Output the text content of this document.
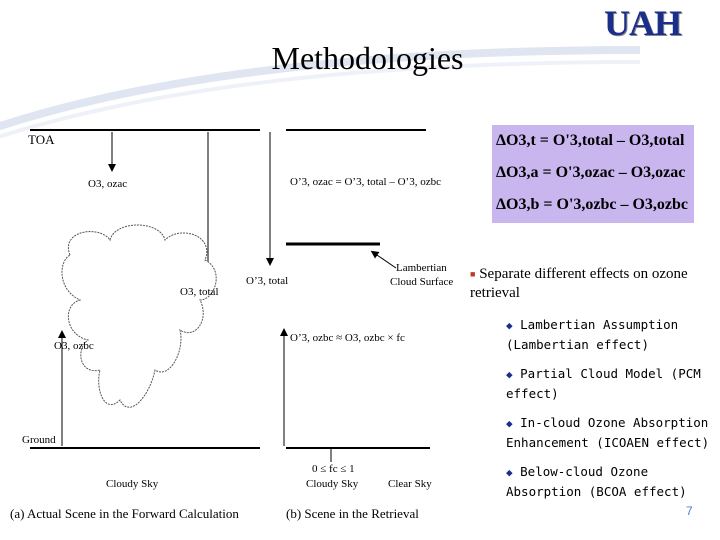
UAH
Methodologies
TOA
O3, ozac
O3, total
O3, ozbc
Ground
Cloudy Sky
(a) Actual Scene in the Forward Calculation
O’3, ozac = O’3, total – O’3, ozbc
O’3, total
Lambertian
Cloud Surface
O’3, ozbc ≈ O3, ozbc × fc
0 ≤ fc ≤ 1
Cloudy Sky	Clear Sky
(b) Scene in the Retrieval
ΔO3,t = O'3,total – O3,total
ΔO3,a = O'3,ozac – O3,ozac
ΔO3,b = O'3,ozbc – O3,ozbc
■ Separate different effects on ozone retrieval
◆ Lambertian Assumption (Lambertian effect)
◆ Partial Cloud Model (PCM effect)
◆ In-cloud Ozone Absorption Enhancement (ICOAEN effect)
◆ Below-cloud Ozone Absorption (BCOA effect)
7
